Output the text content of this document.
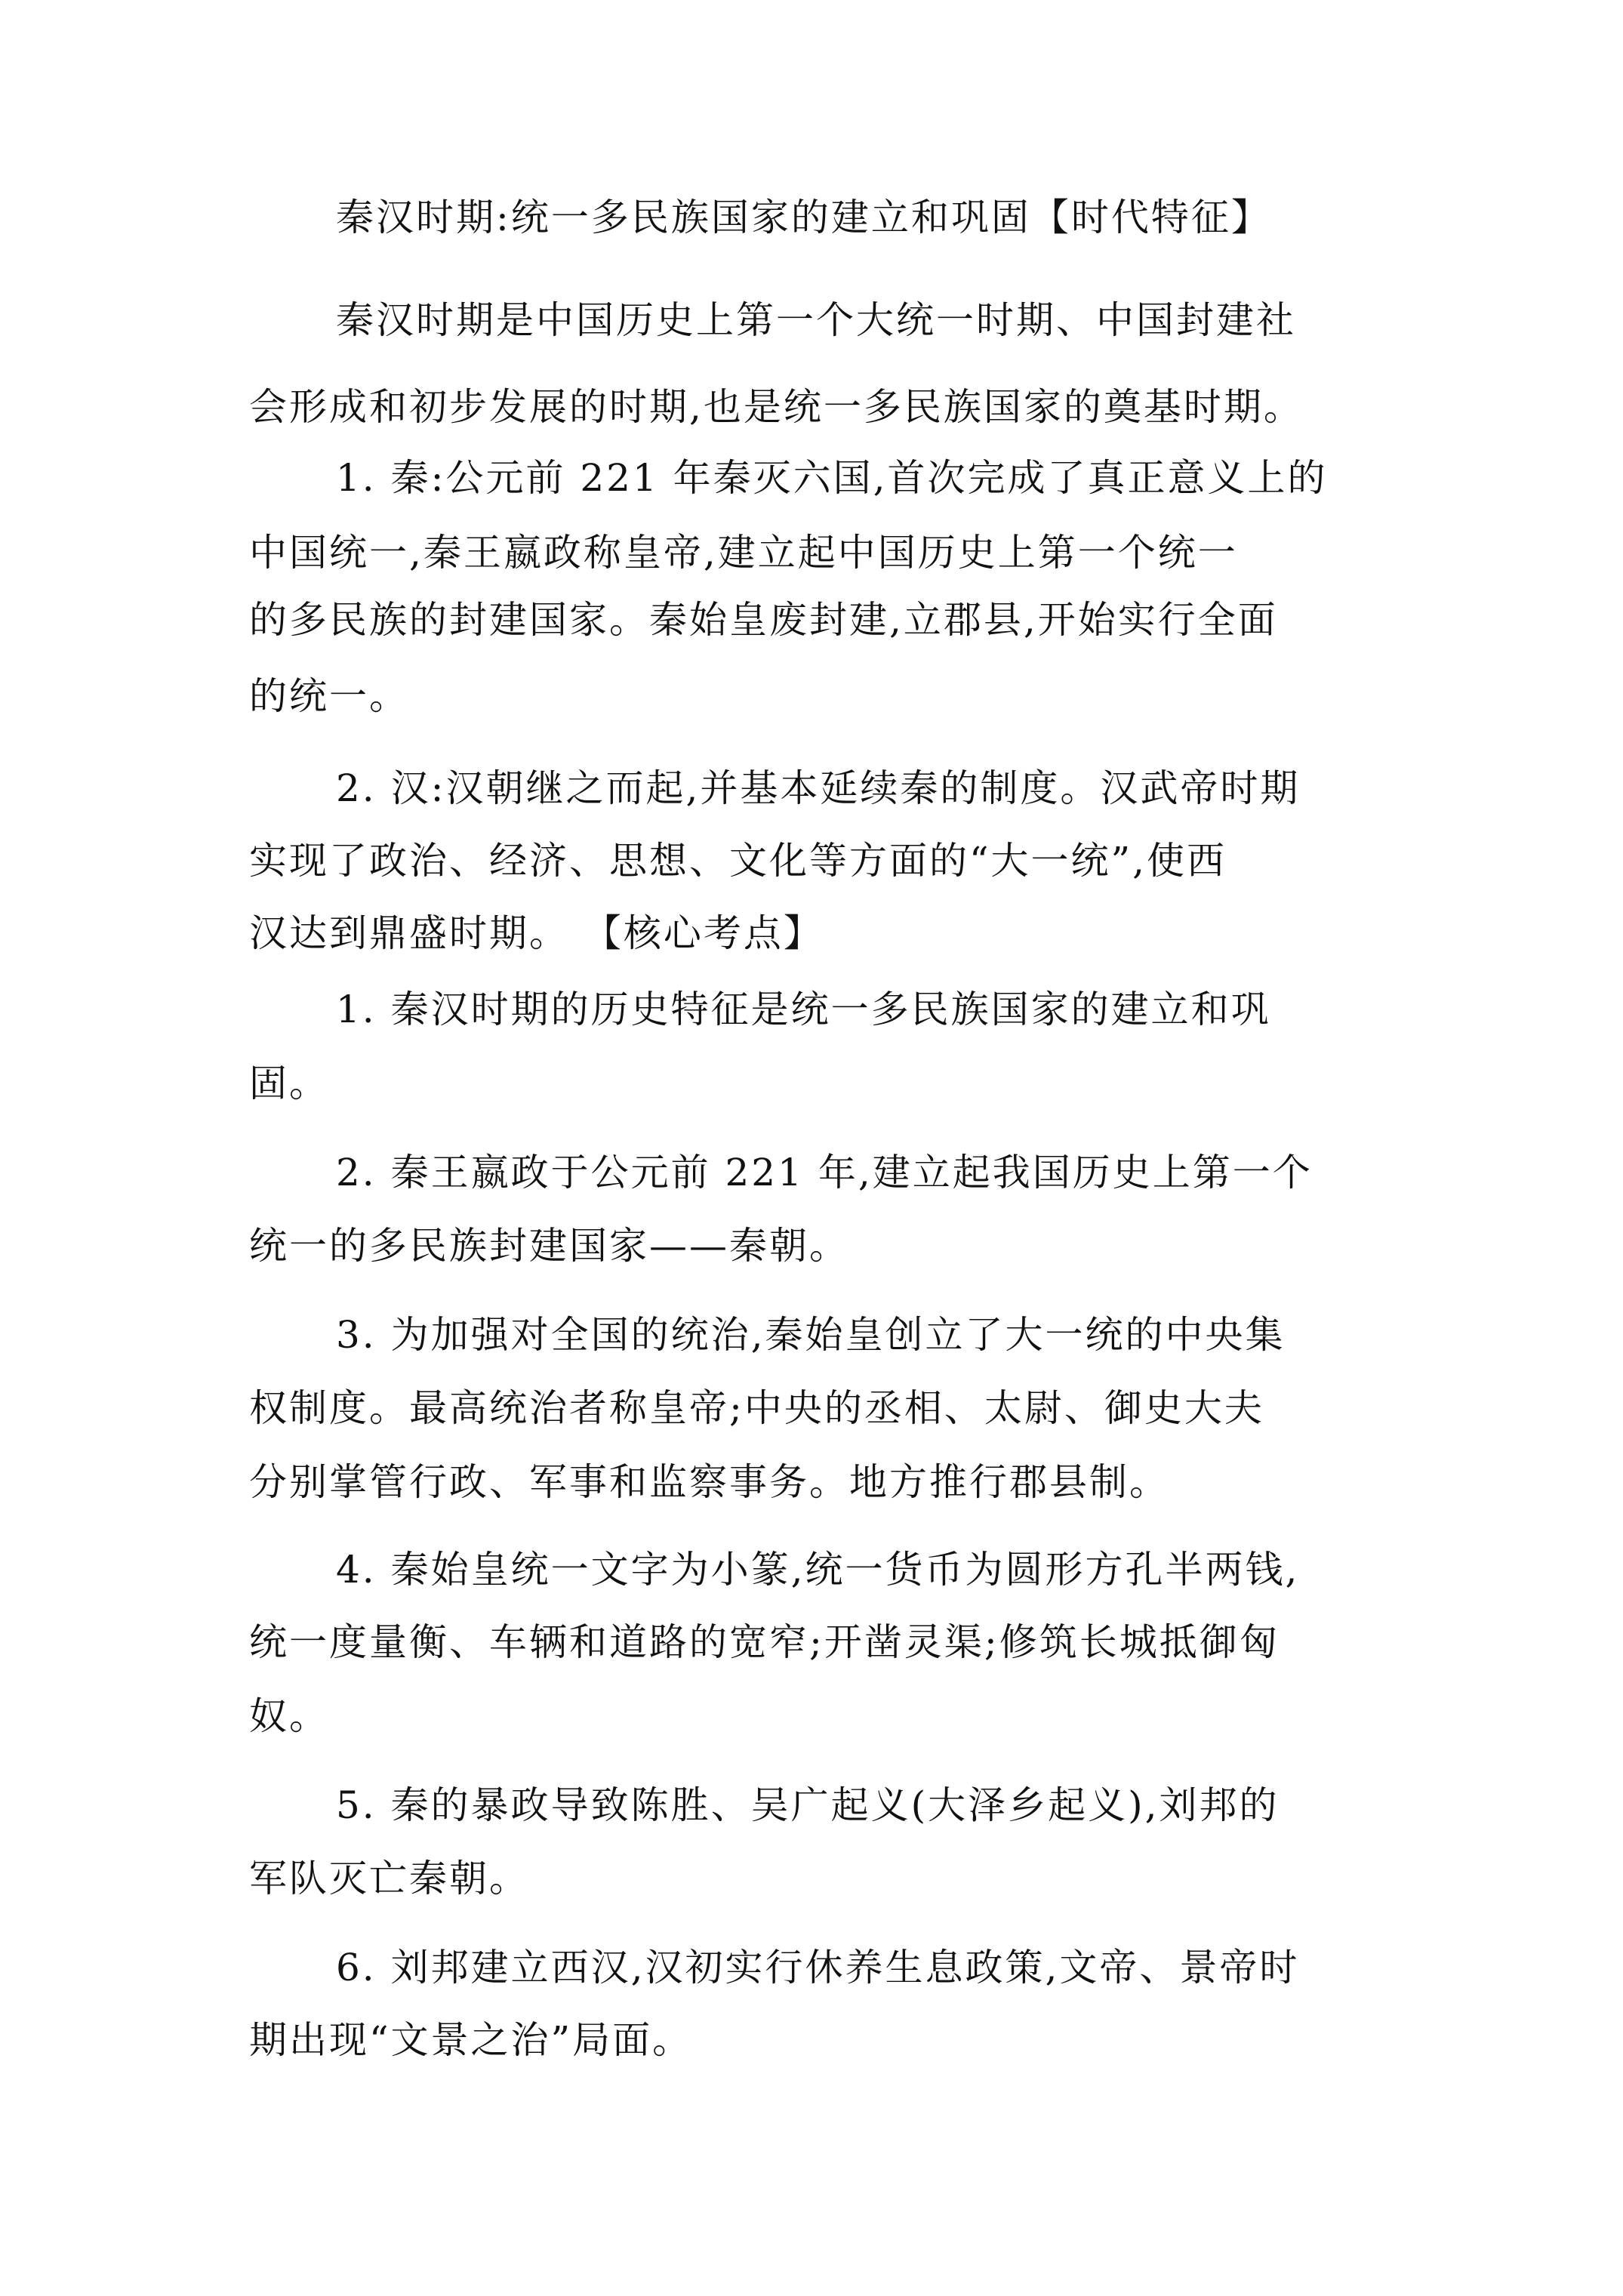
秦汉时期:统一多民族国家的建立和巩固【时代特征】
秦汉时期是中国历史上第一个大统一时期、中国封建社
会形成和初步发展的时期,也是统一多民族国家的奠基时期。
1. 秦:公元前 221 年秦灭六国,首次完成了真正意义上的
中国统一,秦王嬴政称皇帝,建立起中国历史上第一个统一
的多民族的封建国家。秦始皇废封建,立郡县,开始实行全面
的统一。
2. 汉:汉朝继之而起,并基本延续秦的制度。汉武帝时期
实现了政治、经济、思想、文化等方面的“大一统”,使西
汉达到鼎盛时期。 【核心考点】
1. 秦汉时期的历史特征是统一多民族国家的建立和巩
固。
2. 秦王嬴政于公元前 221 年,建立起我国历史上第一个
统一的多民族封建国家——秦朝。
3. 为加强对全国的统治,秦始皇创立了大一统的中央集
权制度。最高统治者称皇帝;中央的丞相、太尉、御史大夫
分别掌管行政、军事和监察事务。地方推行郡县制。
4. 秦始皇统一文字为小篆,统一货币为圆形方孔半两钱,
统一度量衡、车辆和道路的宽窄;开凿灵渠;修筑长城抵御匈
奴。
5. 秦的暴政导致陈胜、吴广起义(大泽乡起义),刘邦的
军队灭亡秦朝。
6. 刘邦建立西汉,汉初实行休养生息政策,文帝、景帝时
期出现“文景之治”局面。
